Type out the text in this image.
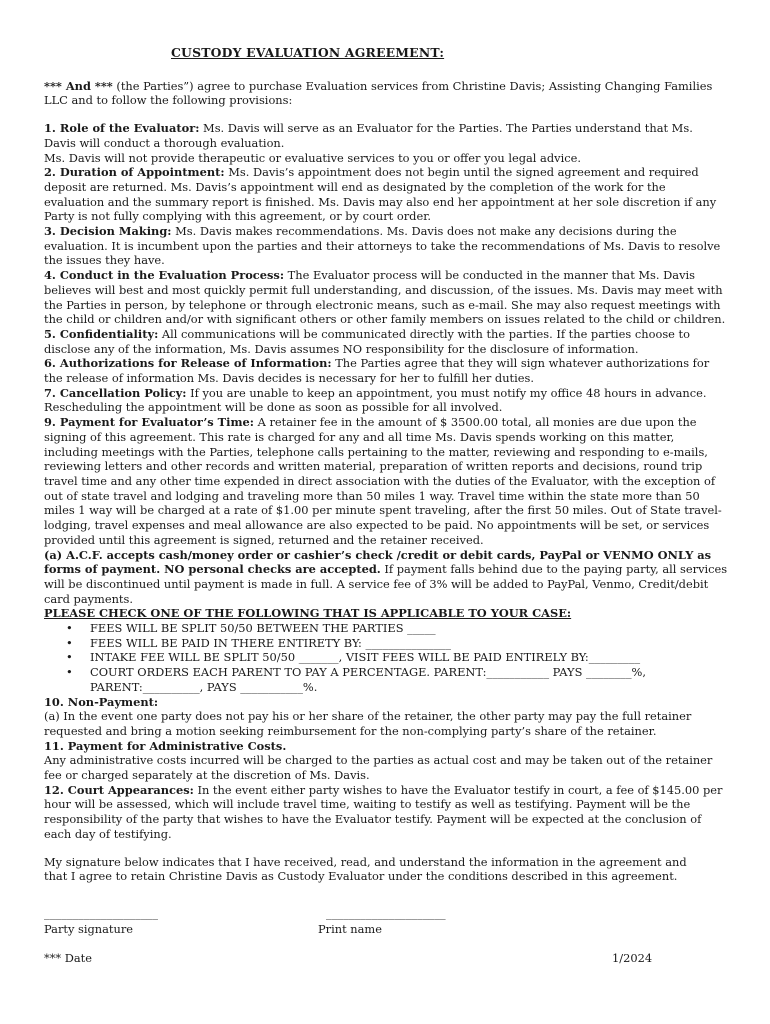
CUSTODY EVALUATION AGREEMENT:

*** And *** (the Parties”) agree to purchase Evaluation services from Christine Davis; Assisting Changing Families LLC and to follow the following provisions:

1. Role of the Evaluator: Ms. Davis will serve as an Evaluator for the Parties. The Parties understand that Ms. Davis will conduct a thorough evaluation.

Ms. Davis will not provide therapeutic or evaluative services to you or offer you legal advice.

2. Duration of Appointment: Ms. Davis’s appointment does not begin until the signed agreement and required deposit are returned. Ms. Davis’s appointment will end as designated by the completion of the work for the evaluation and the summary report is finished. Ms. Davis may also end her appointment at her sole discretion if any Party is not fully complying with this agreement, or by court order.

3. Decision Making: Ms. Davis makes recommendations. Ms. Davis does not make any decisions during the evaluation. It is incumbent upon the parties and their attorneys to take the recommendations of Ms. Davis to resolve the issues they have.

4. Conduct in the Evaluation Process: The Evaluator process will be conducted in the manner that Ms. Davis believes will best and most quickly permit full understanding, and discussion, of the issues. Ms. Davis may meet with the Parties in person, by telephone or through electronic means, such as e-mail. She may also request meetings with the child or children and/or with significant others or other family members on issues related to the child or children.

5. Confidentiality: All communications will be communicated directly with the parties. If the parties choose to disclose any of the information, Ms. Davis assumes NO responsibility for the disclosure of information.

6. Authorizations for Release of Information: The Parties agree that they will sign whatever authorizations for the release of information Ms. Davis decides is necessary for her to fulfill her duties.

7. Cancellation Policy: If you are unable to keep an appointment, you must notify my office 48 hours in advance. Rescheduling the appointment will be done as soon as possible for all involved.

9. Payment for Evaluator’s Time: A retainer fee in the amount of $ 3500.00 total, all monies are due upon the signing of this agreement. This rate is charged for any and all time Ms. Davis spends working on this matter, including meetings with the Parties, telephone calls pertaining to the matter, reviewing and responding to e-mails, reviewing letters and other records and written material, preparation of written reports and decisions, round trip travel time and any other time expended in direct association with the duties of the Evaluator, with the exception of out of state travel and lodging and traveling more than 50 miles 1 way. Travel time within the state more than 50 miles 1 way will be charged at a rate of $1.00 per minute spent traveling, after the first 50 miles. Out of State travel-lodging, travel expenses and meal allowance are also expected to be paid. No appointments will be set, or services provided until this agreement is signed, returned and the retainer received.

(a) A.C.F. accepts cash/money order or cashier’s check /credit or debit cards, PayPal or VENMO ONLY as forms of payment. NO personal checks are accepted. If payment falls behind due to the paying party, all services will be discontinued until payment is made in full. A service fee of 3% will be added to PayPal, Venmo, Credit/debit card payments.

PLEASE CHECK ONE OF THE FOLLOWING THAT IS APPLICABLE TO YOUR CASE:

• FEES WILL BE SPLIT 50/50 BETWEEN THE PARTIES _____
• FEES WILL BE PAID IN THERE ENTIRETY BY: _______________
• INTAKE FEE WILL BE SPLIT 50/50 _______, VISIT FEES WILL BE PAID ENTIRELY BY:_________
• COURT ORDERS EACH PARENT TO PAY A PERCENTAGE. PARENT:___________ PAYS ________%, PARENT:__________, PAYS ___________%.

10. Non-Payment:

(a) In the event one party does not pay his or her share of the retainer, the other party may pay the full retainer requested and bring a motion seeking reimbursement for the non-complying party’s share of the retainer.

11. Payment for Administrative Costs.

Any administrative costs incurred will be charged to the parties as actual cost and may be taken out of the retainer fee or charged separately at the discretion of Ms. Davis.

12. Court Appearances: In the event either party wishes to have the Evaluator testify in court, a fee of $145.00 per hour will be assessed, which will include travel time, waiting to testify as well as testifying. Payment will be the responsibility of the party that wishes to have the Evaluator testify. Payment will be expected at the conclusion of each day of testifying.

My signature below indicates that I have received, read, and understand the information in the agreement and that I agree to retain Christine Davis as Custody Evaluator under the conditions described in this agreement.

____________________	_____________________
Party signature	Print name
*** Date	1/2024
